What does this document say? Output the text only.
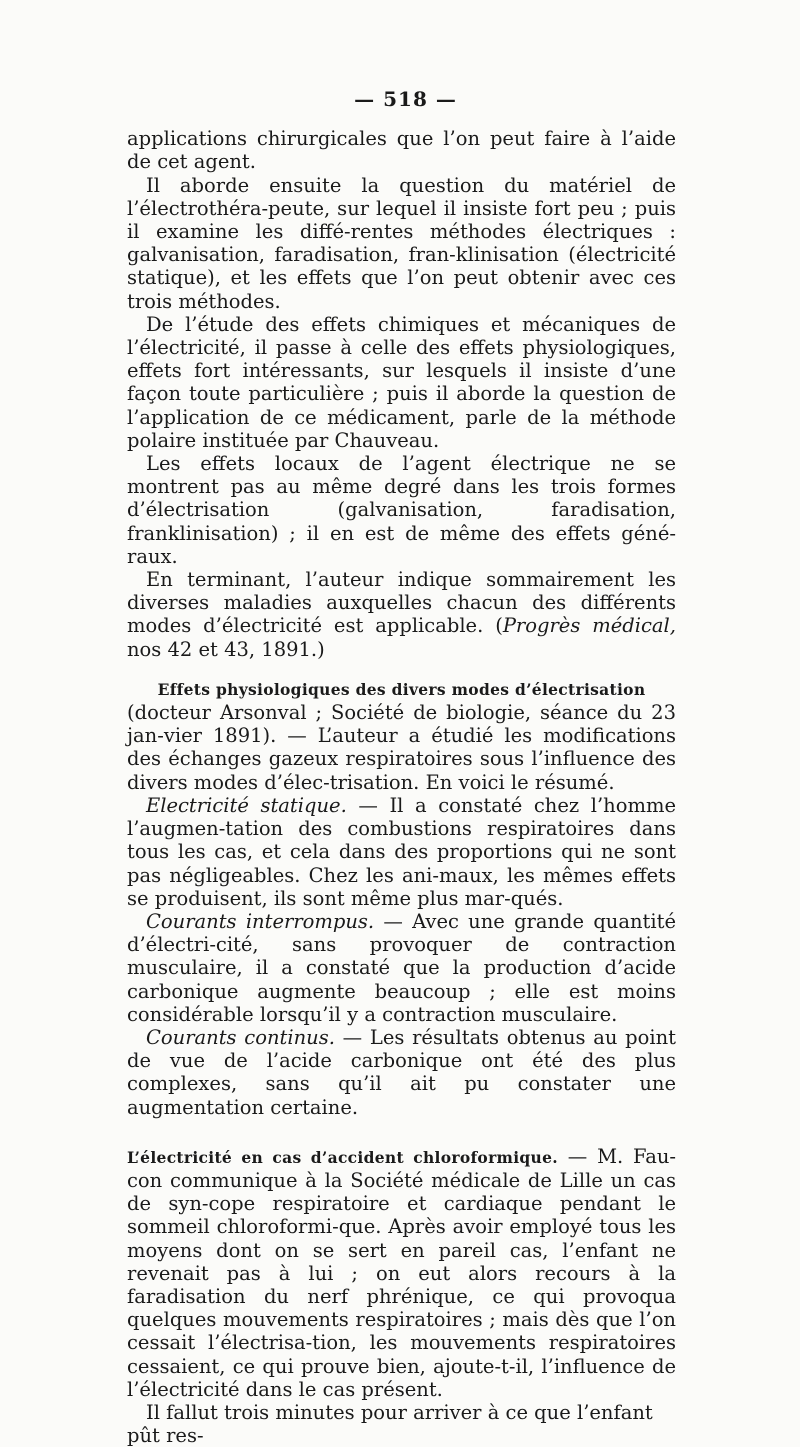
— 518 —

applications chirurgicales que l’on peut faire à l’aide de cet agent.

Il aborde ensuite la question du matériel de l’électrothéra-peute, sur lequel il insiste fort peu ; puis il examine les diffé-rentes méthodes électriques : galvanisation, faradisation, fran-klinisation (électricité statique), et les effets que l’on peut obtenir avec ces trois méthodes.

De l’étude des effets chimiques et mécaniques de l’électricité, il passe à celle des effets physiologiques, effets fort intéressants, sur lesquels il insiste d’une façon toute particulière ; puis il aborde la question de l’application de ce médicament, parle de la méthode polaire instituée par Chauveau.

Les effets locaux de l’agent électrique ne se montrent pas au même degré dans les trois formes d’électrisation (galvanisation, faradisation, franklinisation) ; il en est de même des effets géné-raux.

En terminant, l’auteur indique sommairement les diverses maladies auxquelles chacun des différents modes d’électricité est applicable. (Progrès médical, nos 42 et 43, 1891.)

Effets physiologiques des divers modes d’électrisation

(docteur Arsonval ; Société de biologie, séance du 23 jan-vier 1891). — L’auteur a étudié les modifications des échanges gazeux respiratoires sous l’influence des divers modes d’élec-trisation. En voici le résumé.

Electricité statique. — Il a constaté chez l’homme l’augmen-tation des combustions respiratoires dans tous les cas, et cela dans des proportions qui ne sont pas négligeables. Chez les ani-maux, les mêmes effets se produisent, ils sont même plus mar-qués.

Courants interrompus. — Avec une grande quantité d’électri-cité, sans provoquer de contraction musculaire, il a constaté que la production d’acide carbonique augmente beaucoup ; elle est moins considérable lorsqu’il y a contraction musculaire.

Courants continus. — Les résultats obtenus au point de vue de l’acide carbonique ont été des plus complexes, sans qu’il ait pu constater une augmentation certaine.

L’électricité en cas d’accident chloroformique. — M. Fau-con communique à la Société médicale de Lille un cas de syn-cope respiratoire et cardiaque pendant le sommeil chloroformi-que. Après avoir employé tous les moyens dont on se sert en pareil cas, l’enfant ne revenait pas à lui ; on eut alors recours à la faradisation du nerf phrénique, ce qui provoqua quelques mouvements respiratoires ; mais dès que l’on cessait l’électrisa-tion, les mouvements respiratoires cessaient, ce qui prouve bien, ajoute-t-il, l’influence de l’électricité dans le cas présent.

Il fallut trois minutes pour arriver à ce que l’enfant pût res-
